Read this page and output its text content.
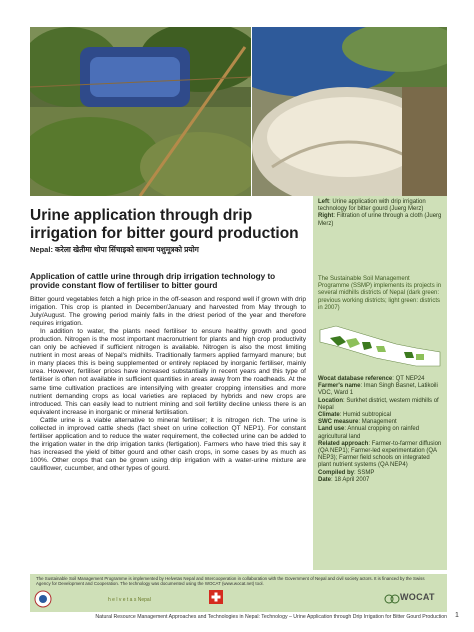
Left: Urine application with drip irrigation technology for bitter gourd (Juerg Merz)
Right: Filtration of urine through a cloth (Juerg Merz)
The Sustainable Soil Management Programme (SSMP) implements its projects in several midhills districts of Nepal (dark green: previous working districts; light green: districts in 2007)
Wocat database reference: QT NEP24
Farmer's name: Iman Singh Basnet, Latikoili VDC, Ward 1
Location: Surkhet district, western midhills of Nepal
Climate: Humid subtropical
SWC measure: Management
Land use: Annual cropping on rainfed agricultural land
Related approach: Farmer-to-farmer diffusion (QA NEP1); Farmer-led experimentation (QA NEP3); Farmer field schools on integrated plant nutrient systems (QA NEP4)
Compiled by: SSMP
Date: 18 April 2007
Urine application through drip irrigation for bitter gourd production
Nepal: करेला खेतीमा थोपा सिंचाइको साथमा पशुमूत्रको प्रयोग
Application of cattle urine through drip irrigation technology to provide constant flow of fertiliser to bitter gourd

Bitter gourd vegetables fetch a high price in the off-season and respond well if grown with drip irrigation. This crop is planted in December/January and harvested from May through to July/August. The growing period mainly falls in the driest period of the year and therefore requires irrigation.

In addition to water, the plants need fertiliser to ensure healthy growth and good production. Nitrogen is the most important macronutrient for plants and high crop productivity can only be achieved if sufficient nitrogen is available. Nitrogen is also the most limiting nutrient in most areas of Nepal's midhills. Traditionally farmers applied farmyard manure; but in many places this is being supplemented or entirely replaced by inorganic fertiliser, mainly urea. However, fertiliser prices have increased substantially in recent years and this type of fertiliser is often not available in sufficient quantities in areas away from the roadheads. At the same time cultivation practices are intensifying with greater cropping intensities and more nutrient demanding crops as local varieties are replaced by hybrids and new crops are introduced. This can easily lead to nutrient mining and soil fertility decline unless there is an equivalent increase in inorganic or mineral fertilisation.

Cattle urine is a viable alternative to mineral fertiliser; it is nitrogen rich. The urine is collected in improved cattle sheds (fact sheet on urine collection QT NEP1). For constant fertiliser application and to reduce the water requirement, the collected urine can be added to the irrigation water in the drip irrigation tanks (fertigation). Farmers who have tried this say it has increased the yield of bitter gourd and other cash crops, in some cases by as much as 100%. Other crops that can be grown using drip irrigation with a water-urine mixture are cauliflower, cucumber, and other types of gourd.

The Sustainable Soil Management Programme is implemented by Helvetas Nepal and Intercooperation in collaboration with the Government of Nepal and civil society actors. It is financed by the Swiss Agency for Development and Cooperation. The technology was documented using the WOCAT (www.wocat.net) tool.
h e l v e t a s Nepal	WOCAT
Natural Resource Management Approaches and Technologies in Nepal: Technology – Urine Application through Drip Irrigation for Bitter Gourd Production 1
